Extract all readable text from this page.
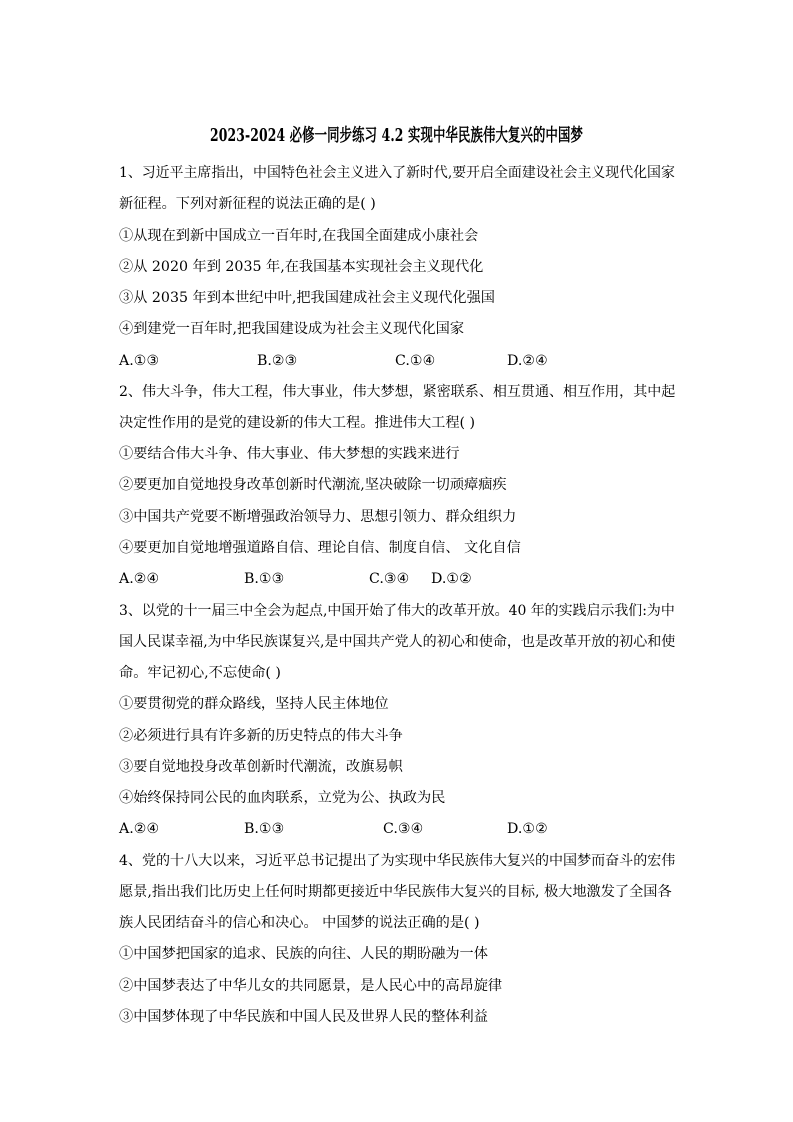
2023-2024 必修一同步练习 4.2 实现中华民族伟大复兴的中国梦
1、习近平主席指出，中国特色社会主义进入了新时代,要开启全面建设社会主义现代化国家
新征程。下列对新征程的说法正确的是( )
①从现在到新中国成立一百年时,在我国全面建成小康社会
②从 2020 年到 2035 年,在我国基本实现社会主义现代化
③从 2035 年到本世纪中叶,把我国建成社会主义现代化强国
④到建党一百年时,把我国建设成为社会主义现代化国家
A.①③	B.②③	C.①④	D.②④
2、伟大斗争，伟大工程，伟大事业，伟大梦想，紧密联系、相互贯通、相互作用，其中起
决定性作用的是党的建设新的伟大工程。推进伟大工程( )
①要结合伟大斗争、伟大事业、伟大梦想的实践来进行
②要更加自觉地投身改革创新时代潮流,坚决破除一切顽瘴痼疾
③中国共产党要不断增强政治领导力、思想引领力、群众组织力
④要更加自觉地增强道路自信、理论自信、制度自信、 文化自信
A.②④	B.①③	C.③④ D.①②
3、以党的十一届三中全会为起点,中国开始了伟大的改革开放。40 年的实践启示我们:为中
国人民谋幸福,为中华民族谋复兴,是中国共产党人的初心和使命，也是改革开放的初心和使
命。牢记初心,不忘使命( )
①要贯彻党的群众路线，坚持人民主体地位
②必须进行具有许多新的历史特点的伟大斗争
③要自觉地投身改革创新时代潮流，改旗易帜
④始终保持同公民的血肉联系，立党为公、执政为民
A.②④	B.①③	C.③④	D.①②
4、党的十八大以来，习近平总书记提出了为实现中华民族伟大复兴的中国梦而奋斗的宏伟
愿景,指出我们比历史上任何时期都更接近中华民族伟大复兴的目标, 极大地激发了全国各
族人民团结奋斗的信心和决心。 中国梦的说法正确的是( )
①中国梦把国家的追求、民族的向往、人民的期盼融为一体
②中国梦表达了中华儿女的共同愿景，是人民心中的高昂旋律
③中国梦体现了中华民族和中国人民及世界人民的整体利益
